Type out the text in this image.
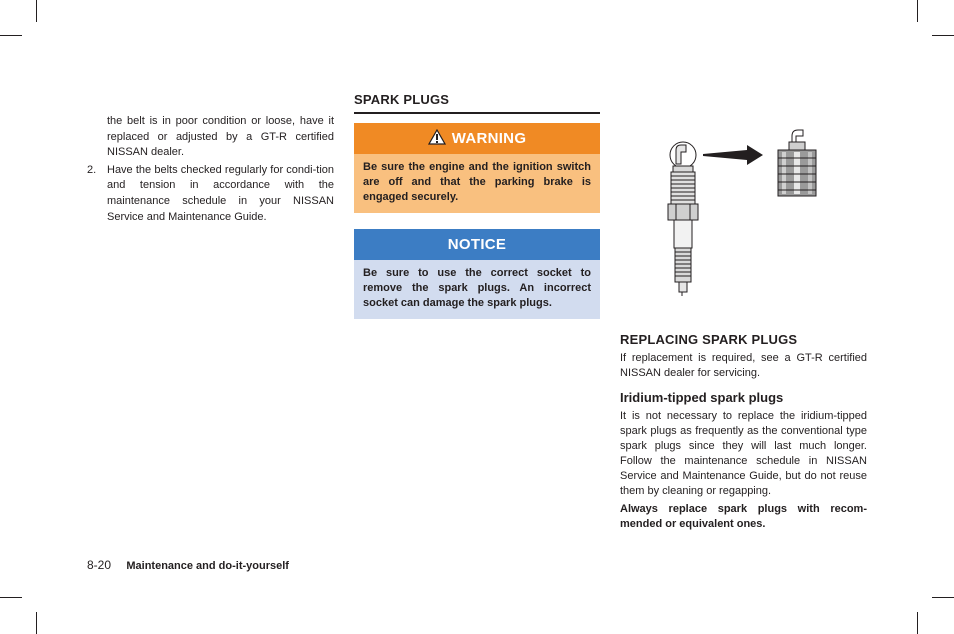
the belt is in poor condition or loose, have it replaced or adjusted by a GT-R certified NISSAN dealer.

2. Have the belts checked regularly for condi-tion and tension in accordance with the maintenance schedule in your NISSAN Service and Maintenance Guide.
SPARK PLUGS
WARNING
Be sure the engine and the ignition switch are off and that the parking brake is engaged securely.
NOTICE
Be sure to use the correct socket to remove the spark plugs. An incorrect socket can damage the spark plugs.
REPLACING SPARK PLUGS

If replacement is required, see a GT-R certified NISSAN dealer for servicing.

Iridium-tipped spark plugs

It is not necessary to replace the iridium-tipped spark plugs as frequently as the conventional type spark plugs since they will last much longer. Follow the maintenance schedule in NISSAN Service and Maintenance Guide, but do not reuse them by cleaning or regapping.

Always replace spark plugs with recom-mended or equivalent ones.

8-20 Maintenance and do-it-yourself
